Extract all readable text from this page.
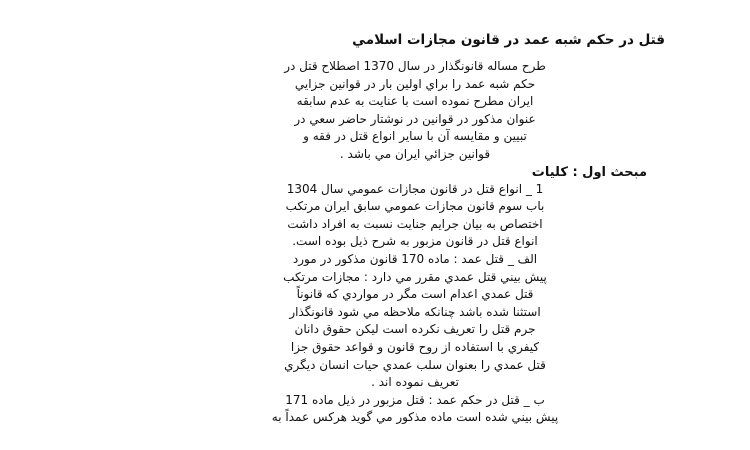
قتل در حکم شبه عمد در قانون مجازات اسلامي
طرح مساله قانونگذار در سال 1370 اصطلاح قتل در
حکم شبه عمد را براي اولين بار در قوانين جزايي
ايران مطرح نموده است با عنايت به عدم سابقه
عنوان مذکور در قوانين در نوشتار حاضر سعي در
تبيين و مقايسه آن با ساير انواع قتل در فقه و
قوانين جزائي ايران مي باشد .
مبحث اول : کليات
1 _ انواع قتل در قانون مجازات عمومي سال 1304
باب سوم قانون مجازات عمومي سابق ايران مرتکب
اختصاص به بيان جرايم جنايت نسبت به افراد داشت
انواع قتل در قانون مزبور به شرح ذيل بوده است.
الف _ قتل عمد : ماده 170 قانون مذکور در مورد
پيش بيني قتل عمدي مقرر مي دارد : مجازات مرتکب
قتل عمدي اعدام است مگر در مواردي که قانوناً
استثنا شده باشد چنانکه ملاحظه مي شود قانونگذار
جرم قتل را تعريف نکرده است ليکن حقوق دانان
کيفري با استفاده از روح قانون و قواعد حقوق جزا
قتل عمدي را بعنوان سلب عمدي حيات انسان ديگري
تعريف نموده اند .
ب _ قتل در حکم عمد : قتل مزبور در ذيل ماده 171
پيش بيني شده است ماده مذکور مي گويد هرکس عمداً به
